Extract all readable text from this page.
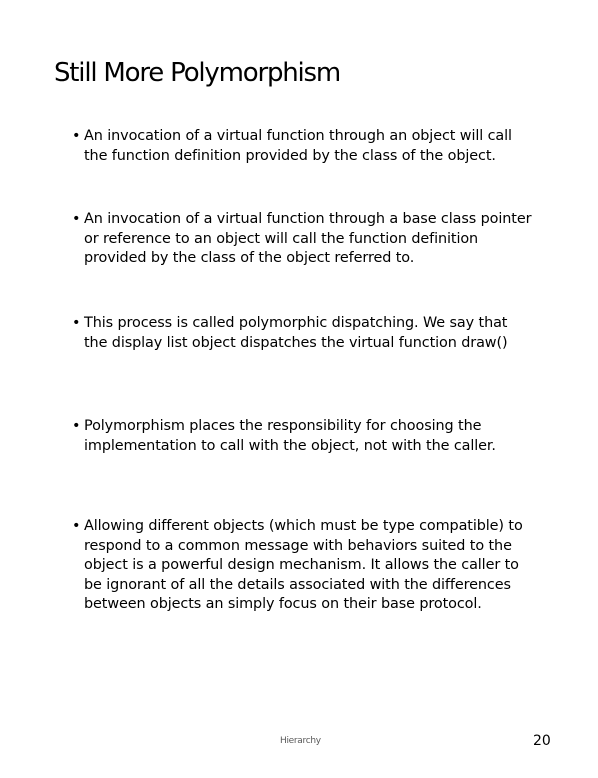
Still More Polymorphism
• An invocation of a virtual function through an object will call the function definition provided by the class of the object.
• An invocation of a virtual function through a base class pointer or reference to an object will call the function definition provided by the class of the object referred to.
• This process is called polymorphic dispatching. We say that the display list object dispatches the virtual function draw()
• Polymorphism places the responsibility for choosing the implementation to call with the object, not with the caller.
• Allowing different objects (which must be type compatible) to respond to a common message with behaviors suited to the object is a powerful design mechanism. It allows the caller to be ignorant of all the details associated with the differences between objects an simply focus on their base protocol.
Hierarchy	20
